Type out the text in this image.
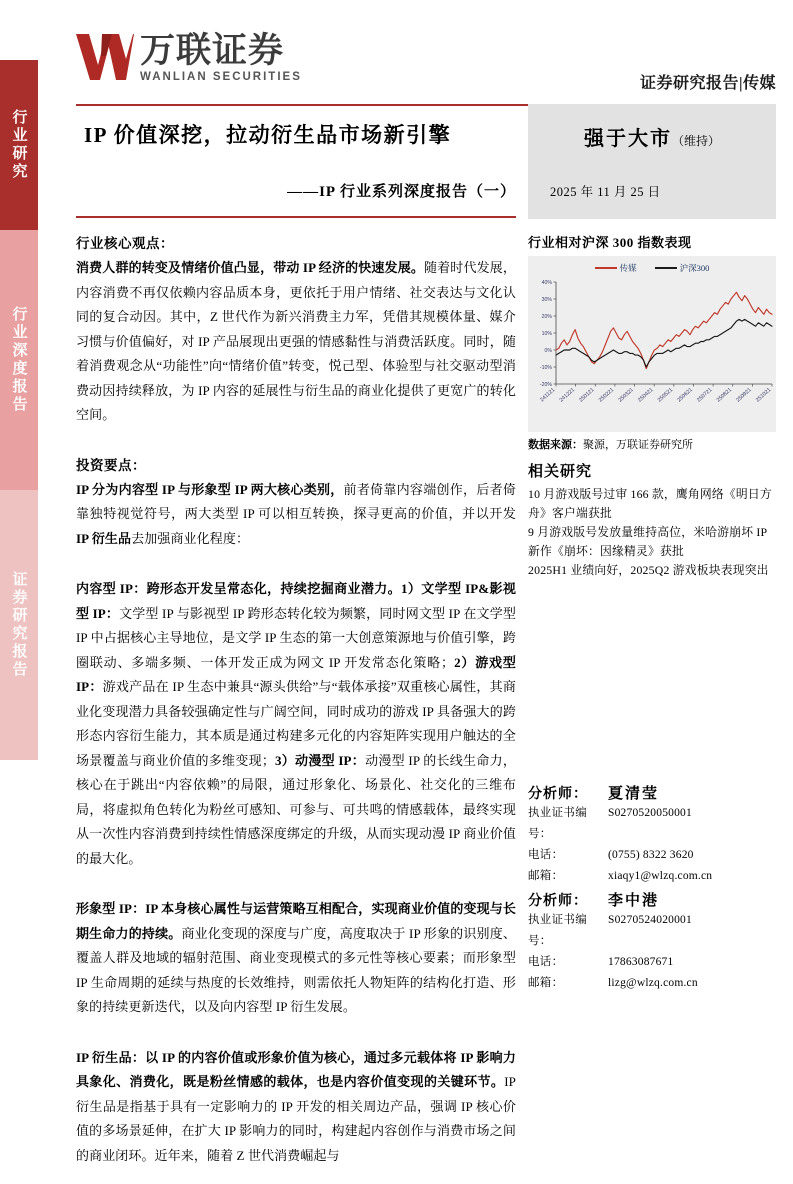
行业研究
行业深度报告
证券研究报告
万联证券
WANLIAN SECURITIES	证券研究报告|传媒
IP 价值深挖，拉动衍生品市场新引擎
——IP 行业系列深度报告（一）
强于大市（维持）
2025 年 11 月 25 日
行业相对沪深 300 指数表现
传媒	沪深300
40%
30%
20%
10%
0%
-10%
-20%
241121 241221 250121 250221 250321 250421 250521 250621 250721 250821 250921 251021
数据来源：聚源，万联证券研究所
相关研究
10 月游戏版号过审 166 款，鹰角网络《明日方舟》客户端获批
9 月游戏版号发放量维持高位，米哈游崩坏 IP 新作《崩坏：因缘精灵》获批
2025H1 业绩向好，2025Q2 游戏板块表现突出
分析师：	夏清莹
执业证书编号：
S0270520050001
电话：	(0755) 8322 3620
邮箱：	xiaqy1@wlzq.com.cn
分析师：	李中港
执业证书编号：
S0270524020001
电话：	17863087671
邮箱：	lizg@wlzq.com.cn
行业核心观点：
消费人群的转变及情绪价值凸显，带动 IP 经济的快速发展。随着时代发展，内容消费不再仅依赖内容品质本身，更依托于用户情绪、社交表达与文化认同的复合动因。其中，Z 世代作为新兴消费主力军，凭借其规模体量、媒介习惯与价值偏好，对 IP 产品展现出更强的情感黏性与消费活跃度。同时，随着消费观念从“功能性”向“情绪价值”转变，悦己型、体验型与社交驱动型消费动因持续释放，为 IP 内容的延展性与衍生品的商业化提供了更宽广的转化空间。
投资要点：
IP 分为内容型 IP 与形象型 IP 两大核心类别，前者倚靠内容端创作，后者倚靠独特视觉符号，两大类型 IP 可以相互转换，探寻更高的价值，并以开发 IP 衍生品去加强商业化程度：
内容型 IP：跨形态开发呈常态化，持续挖掘商业潜力。1）文学型 IP&影视型 IP：文学型 IP 与影视型 IP 跨形态转化较为频繁，同时网文型 IP 在文学型 IP 中占据核心主导地位，是文学 IP 生态的第一大创意策源地与价值引擎，跨圈联动、多端多频、一体开发正成为网文 IP 开发常态化策略；2）游戏型 IP：游戏产品在 IP 生态中兼具“源头供给”与“载体承接”双重核心属性，其商业化变现潜力具备较强确定性与广阔空间，同时成功的游戏 IP 具备强大的跨形态内容衍生能力，其本质是通过构建多元化的内容矩阵实现用户触达的全场景覆盖与商业价值的多维变现；3）动漫型 IP：动漫型 IP 的长线生命力，核心在于跳出“内容依赖”的局限，通过形象化、场景化、社交化的三维布局，将虚拟角色转化为粉丝可感知、可参与、可共鸣的情感载体，最终实现从一次性内容消费到持续性情感深度绑定的升级，从而实现动漫 IP 商业价值的最大化。
形象型 IP：IP 本身核心属性与运营策略互相配合，实现商业价值的变现与长期生命力的持续。商业化变现的深度与广度，高度取决于 IP 形象的识别度、覆盖人群及地域的辐射范围、商业变现模式的多元性等核心要素；而形象型 IP 生命周期的延续与热度的长效维持，则需依托人物矩阵的结构化打造、形象的持续更新迭代，以及向内容型 IP 衍生发展。
IP 衍生品：以 IP 的内容价值或形象价值为核心，通过多元载体将 IP 影响力具象化、消费化，既是粉丝情感的载体，也是内容价值变现的关键环节。IP 衍生品是指基于具有一定影响力的 IP 开发的相关周边产品，强调 IP 核心价值的多场景延伸，在扩大 IP 影响力的同时，构建起内容创作与消费市场之间的商业闭环。近年来，随着 Z 世代消费崛起与
